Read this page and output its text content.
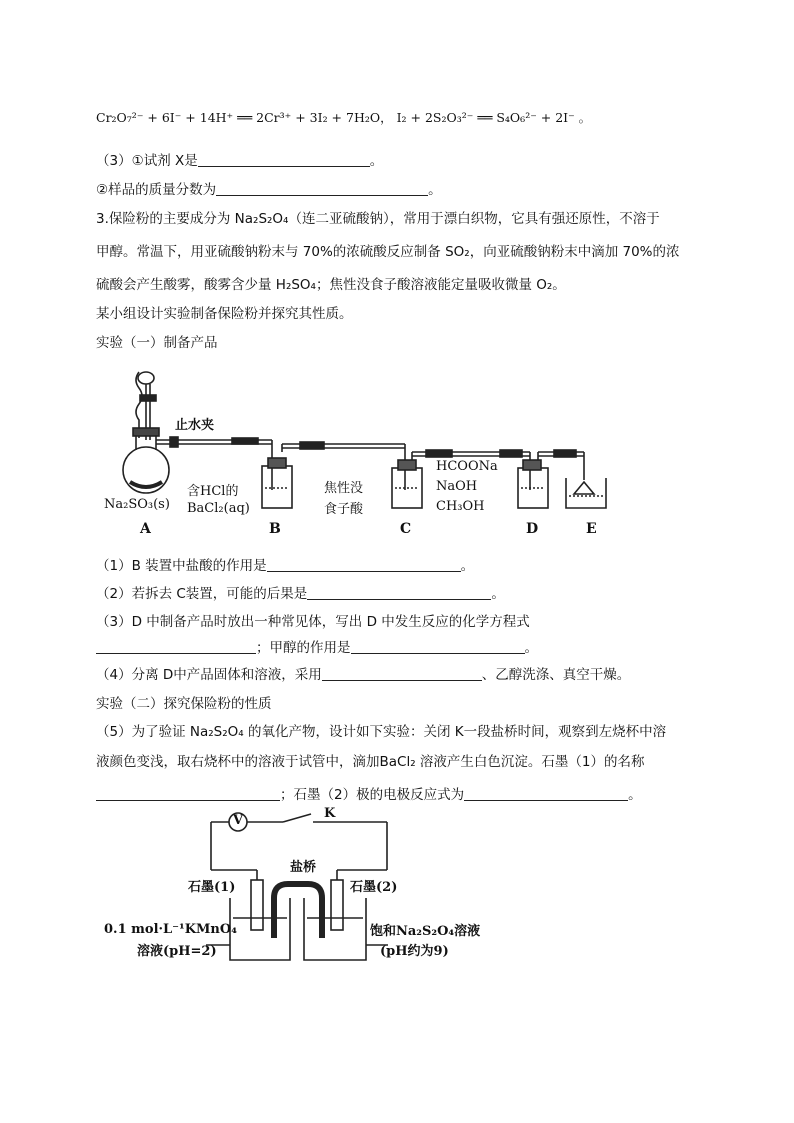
Cr₂O₇²⁻ + 6I⁻ + 14H⁺ ══ 2Cr³⁺ + 3I₂ + 7H₂O， I₂ + 2S₂O₃²⁻ ══ S₄O₆²⁻ + 2I⁻ 。
（3）①试剂 X是	。
②样品的质量分数为	。
3.保险粉的主要成分为 Na₂S₂O₄（连二亚硫酸钠），常用于漂白织物，它具有强还原性，不溶于
甲醇。常温下，用亚硫酸钠粉末与 70%的浓硫酸反应制备 SO₂，向亚硫酸钠粉末中滴加 70%的浓
硫酸会产生酸雾，酸雾含少量 H₂SO₄；焦性没食子酸溶液能定量吸收微量 O₂。
某小组设计实验制备保险粉并探究其性质。
实验（一）制备产品
止水夹
Na₂SO₃(s)
含HCl的
BaCl₂(aq)
焦性没
食子酸
HCOONa
NaOH
CH₃OH
A	B	C	D	E
（1）B 装置中盐酸的作用是	。
（2）若拆去 C装置，可能的后果是	。
（3）D 中制备产品时放出一种常见体，写出 D 中发生反应的化学方程式
；甲醇的作用是	。
（4）分离 D中产品固体和溶液，采用	、乙醇洗涤、真空干燥。
实验（二）探究保险粉的性质
（5）为了验证 Na₂S₂O₄ 的氧化产物，设计如下实验：关闭 K一段盐桥时间，观察到左烧杯中溶
液颜色变浅，取右烧杯中的溶液于试管中，滴加BaCl₂ 溶液产生白色沉淀。石墨（1）的名称
；石墨（2）极的电极反应式为	。
V	K
盐桥
石墨(1)	石墨(2)
0.1 mol·L⁻¹KMnO₄
溶液(pH=2)
饱和Na₂S₂O₄溶液
(pH约为9)
